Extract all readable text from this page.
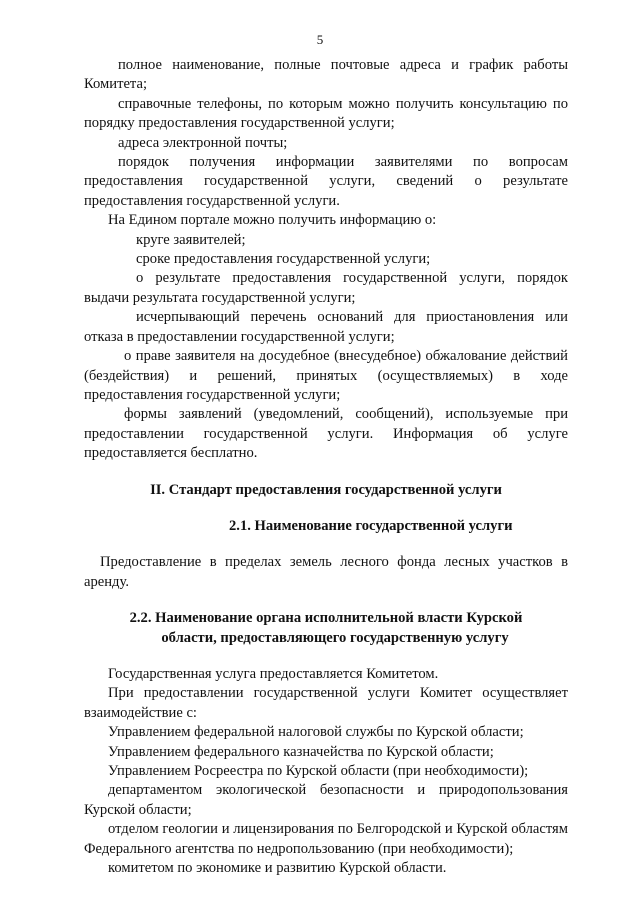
5

полное наименование, полные почтовые адреса и график работы Комитета;

справочные телефоны, по которым можно получить консультацию по порядку предоставления государственной услуги;

адреса электронной почты;

порядок получения информации заявителями по вопросам предоставления государственной услуги, сведений о результате предоставления государственной услуги.

На Едином портале можно получить информацию о:

круге заявителей;

сроке предоставления государственной услуги;

о результате предоставления государственной услуги, порядок выдачи результата государственной услуги;

исчерпывающий перечень оснований для приостановления или отказа в предоставлении государственной услуги;

о праве заявителя на досудебное (внесудебное) обжалование действий (бездействия) и решений, принятых (осуществляемых) в ходе предоставления государственной услуги;

формы заявлений (уведомлений, сообщений), используемые при предоставлении государственной услуги. Информация об услуге предоставляется бесплатно.

II. Стандарт предоставления государственной услуги

2.1. Наименование государственной услуги

Предоставление в пределах земель лесного фонда лесных участков в аренду.

2.2. Наименование органа исполнительной власти Курской
области, предоставляющего государственную услугу

Государственная услуга предоставляется Комитетом.

При предоставлении государственной услуги Комитет осуществляет взаимодействие с:

Управлением федеральной налоговой службы по Курской области;

Управлением федерального казначейства по Курской области;

Управлением Росреестра по Курской области (при необходимости);

департаментом экологической безопасности и природопользования Курской области;

отделом геологии и лицензирования по Белгородской и Курской областям Федерального агентства по недропользованию (при необходимости);

комитетом по экономике и развитию Курской области.
